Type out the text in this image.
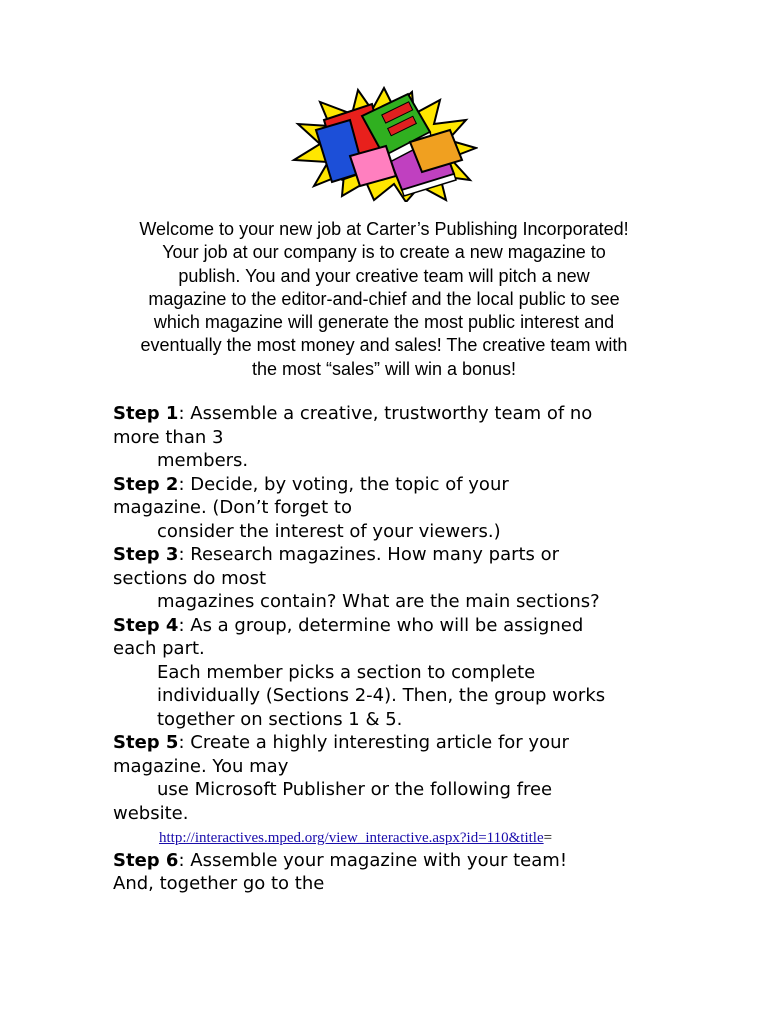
Welcome to your new job at Carter’s Publishing Incorporated!
Your job at our company is to create a new magazine to
publish. You and your creative team will pitch a new
magazine to the editor-and-chief and the local public to see
which magazine will generate the most public interest and
eventually the most money and sales! The creative team with
the most “sales” will win a bonus!
Step 1: Assemble a creative, trustworthy team of no
more than 3
members.
Step 2: Decide, by voting, the topic of your
magazine. (Don’t forget to
consider the interest of your viewers.)
Step 3: Research magazines. How many parts or
sections do most
magazines contain? What are the main sections?
Step 4: As a group, determine who will be assigned
each part.
Each member picks a section to complete
individually (Sections 2-4). Then, the group works
together on sections 1 & 5.
Step 5: Create a highly interesting article for your
magazine. You may
use Microsoft Publisher or the following free
website.
http://interactives.mped.org/view_interactive.aspx?id=110&title=
Step 6: Assemble your magazine with your team!
And, together go to the
